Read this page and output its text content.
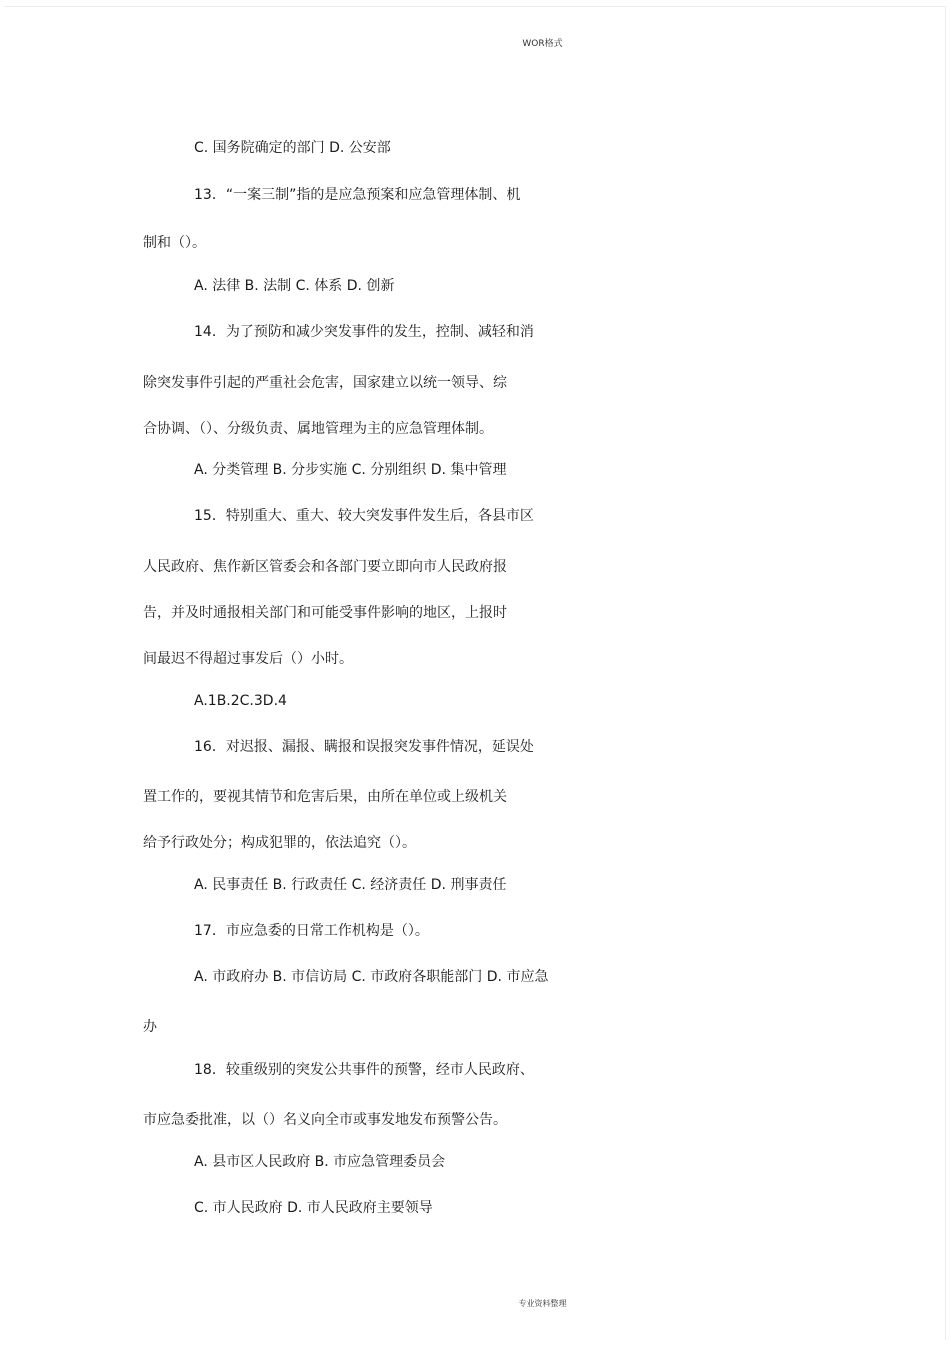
WOR格式
C. 国务院确定的部门 D. 公安部
13．“一案三制”指的是应急预案和应急管理体制、机
制和（）。
A. 法律 B. 法制 C. 体系 D. 创新
14．为了预防和减少突发事件的发生，控制、减轻和消
除突发事件引起的严重社会危害，国家建立以统一领导、综
合协调、（）、分级负责、属地管理为主的应急管理体制。
A. 分类管理 B. 分步实施 C. 分别组织 D. 集中管理
15．特别重大、重大、较大突发事件发生后，各县市区
人民政府、焦作新区管委会和各部门要立即向市人民政府报
告，并及时通报相关部门和可能受事件影响的地区，上报时
间最迟不得超过事发后（）小时。
A.1B.2C.3D.4
16．对迟报、漏报、瞒报和误报突发事件情况，延误处
置工作的，要视其情节和危害后果，由所在单位或上级机关
给予行政处分；构成犯罪的，依法追究（）。
A. 民事责任 B. 行政责任 C. 经济责任 D. 刑事责任
17．市应急委的日常工作机构是（）。
A. 市政府办 B. 市信访局 C. 市政府各职能部门 D. 市应急
办
18．较重级别的突发公共事件的预警，经市人民政府、
市应急委批准，以（）名义向全市或事发地发布预警公告。
A. 县市区人民政府 B. 市应急管理委员会
C. 市人民政府 D. 市人民政府主要领导
专业资料整理
